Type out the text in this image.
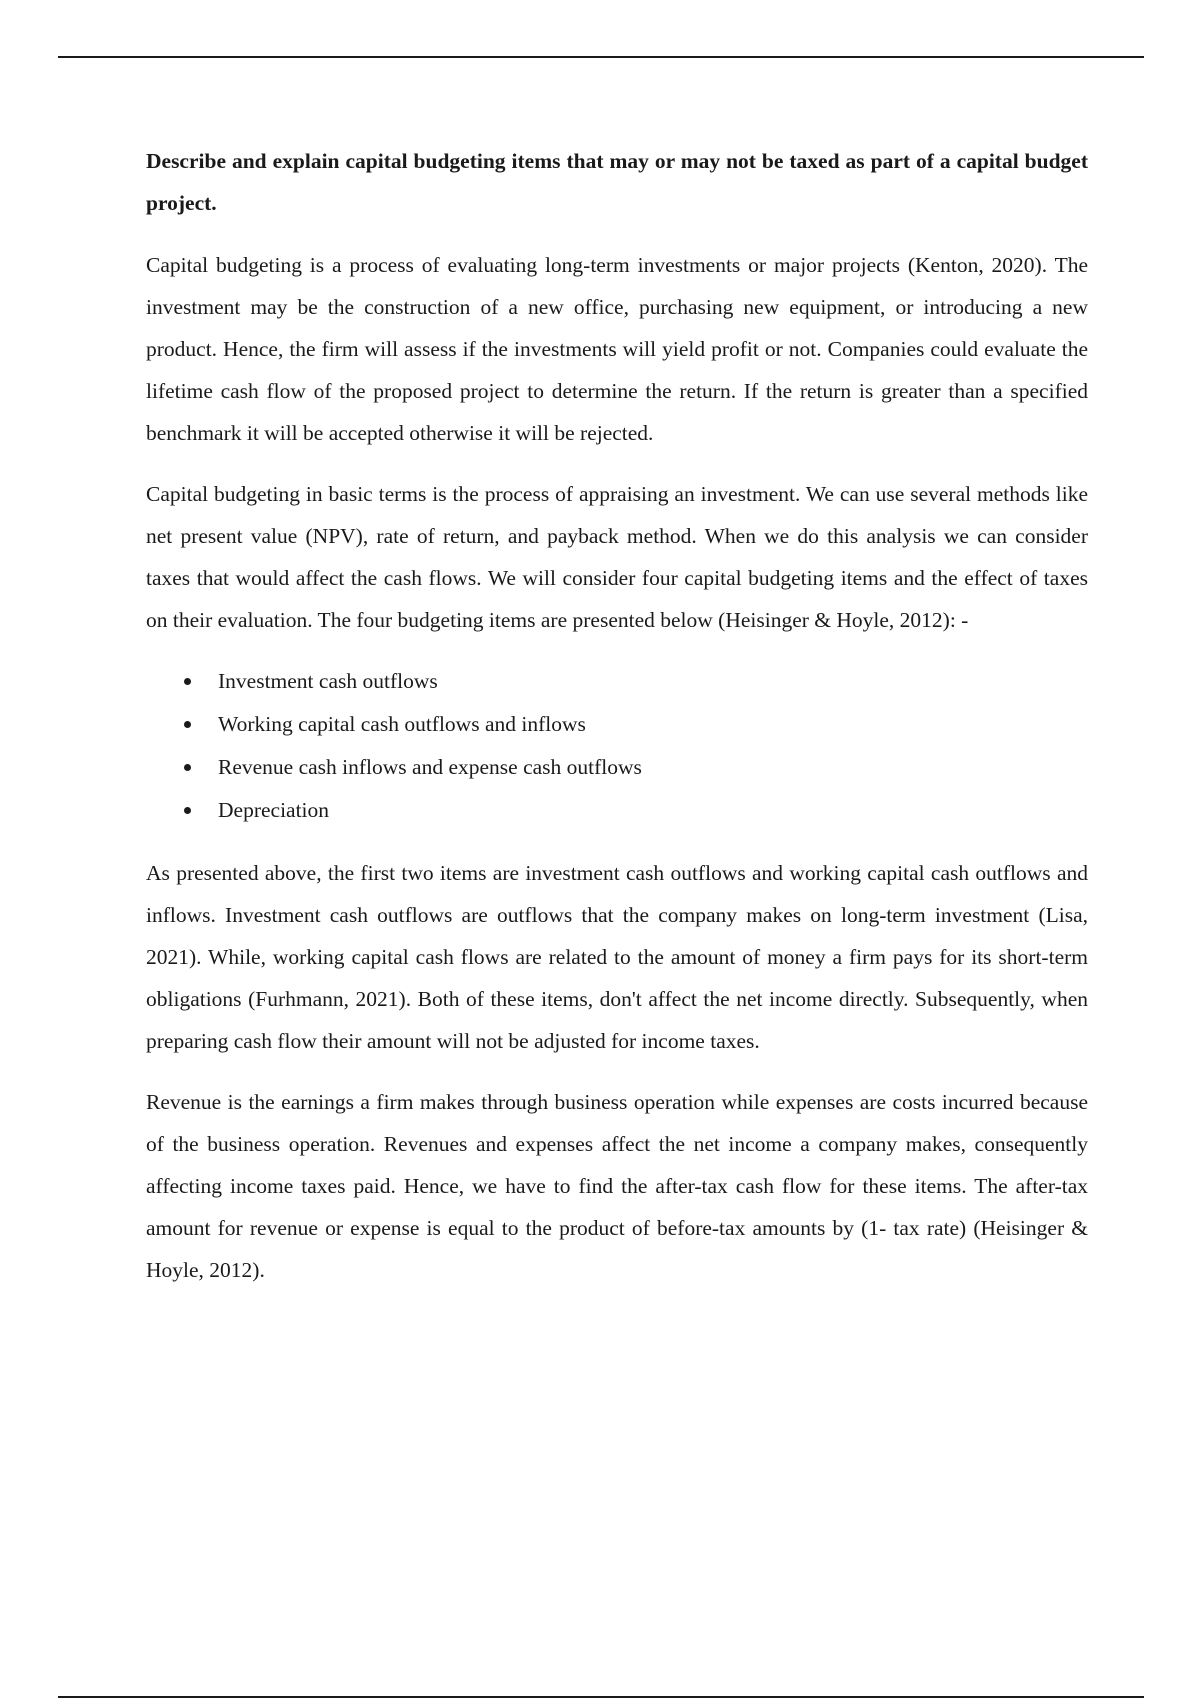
Describe and explain capital budgeting items that may or may not be taxed as part of a capital budget project.

Capital budgeting is a process of evaluating long-term investments or major projects (Kenton, 2020). The investment may be the construction of a new office, purchasing new equipment, or introducing a new product. Hence, the firm will assess if the investments will yield profit or not. Companies could evaluate the lifetime cash flow of the proposed project to determine the return. If the return is greater than a specified benchmark it will be accepted otherwise it will be rejected.

Capital budgeting in basic terms is the process of appraising an investment. We can use several methods like net present value (NPV), rate of return, and payback method. When we do this analysis we can consider taxes that would affect the cash flows. We will consider four capital budgeting items and the effect of taxes on their evaluation. The four budgeting items are presented below (Heisinger & Hoyle, 2012): -

Investment cash outflows
Working capital cash outflows and inflows
Revenue cash inflows and expense cash outflows
Depreciation

As presented above, the first two items are investment cash outflows and working capital cash outflows and inflows. Investment cash outflows are outflows that the company makes on long-term investment (Lisa, 2021). While, working capital cash flows are related to the amount of money a firm pays for its short-term obligations (Furhmann, 2021). Both of these items, don't affect the net income directly. Subsequently, when preparing cash flow their amount will not be adjusted for income taxes.

Revenue is the earnings a firm makes through business operation while expenses are costs incurred because of the business operation. Revenues and expenses affect the net income a company makes, consequently affecting income taxes paid. Hence, we have to find the after-tax cash flow for these items. The after-tax amount for revenue or expense is equal to the product of before-tax amounts by (1- tax rate) (Heisinger & Hoyle, 2012).
